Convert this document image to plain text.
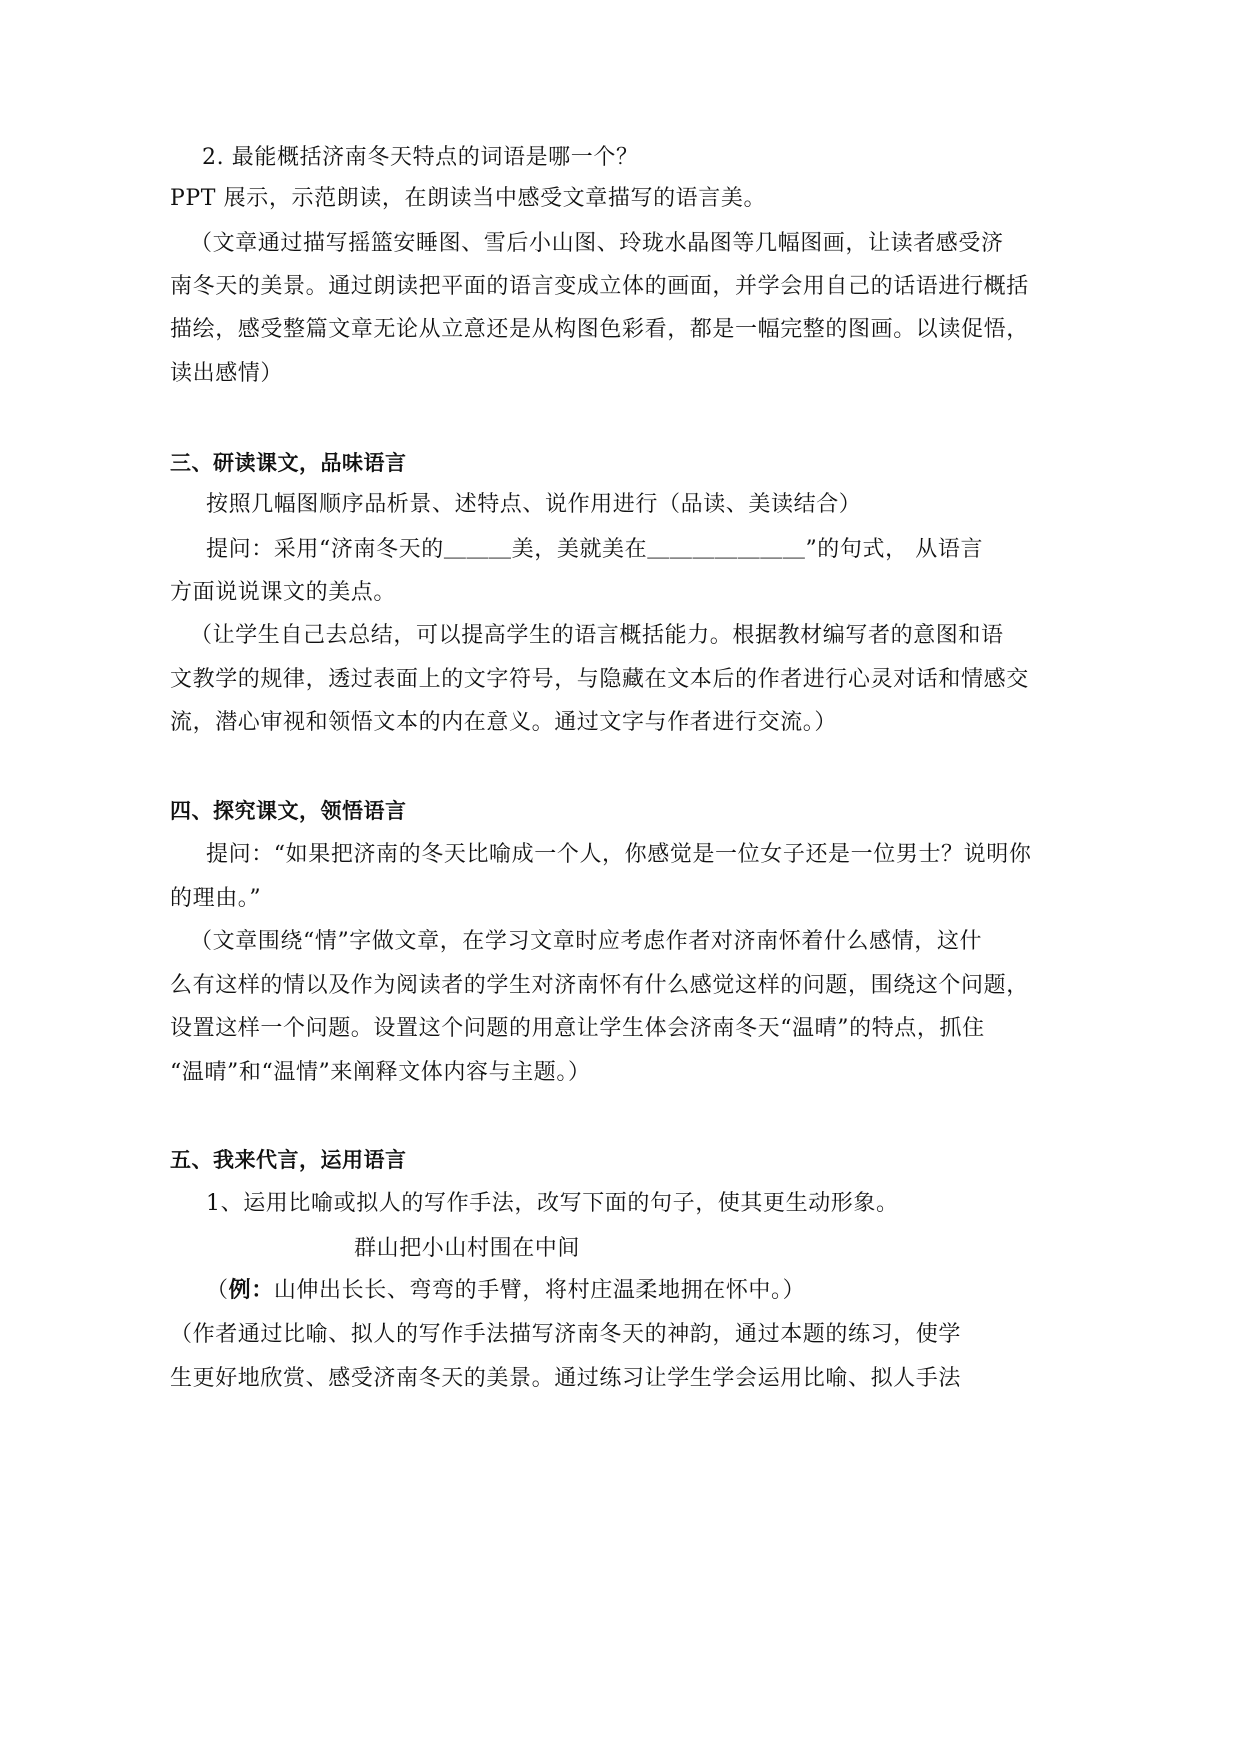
2. 最能概括济南冬天特点的词语是哪一个？
PPT 展示，示范朗读，在朗读当中感受文章描写的语言美。
（文章通过描写摇篮安睡图、雪后小山图、玲珑水晶图等几幅图画，让读者感受济
南冬天的美景。通过朗读把平面的语言变成立体的画面，并学会用自己的话语进行概括
描绘，感受整篇文章无论从立意还是从构图色彩看，都是一幅完整的图画。以读促悟，
读出感情）
三、研读课文，品味语言
按照几幅图顺序品析景、述特点、说作用进行（品读、美读结合）
提问：采用“济南冬天的＿＿＿美，美就美在＿＿＿＿＿＿＿”的句式， 从语言
方面说说课文的美点。
（让学生自己去总结，可以提高学生的语言概括能力。根据教材编写者的意图和语
文教学的规律，透过表面上的文字符号，与隐藏在文本后的作者进行心灵对话和情感交
流，潜心审视和领悟文本的内在意义。通过文字与作者进行交流。）
四、探究课文，领悟语言
提问：“如果把济南的冬天比喻成一个人，你感觉是一位女子还是一位男士？说明你
的理由。”
（文章围绕“情”字做文章，在学习文章时应考虑作者对济南怀着什么感情，这什
么有这样的情以及作为阅读者的学生对济南怀有什么感觉这样的问题，围绕这个问题，
设置这样一个问题。设置这个问题的用意让学生体会济南冬天“温晴”的特点，抓住
“温晴”和“温情”来阐释文体内容与主题。）
五、我来代言，运用语言
1、运用比喻或拟人的写作手法，改写下面的句子，使其更生动形象。
群山把小山村围在中间
（例：山伸出长长、弯弯的手臂，将村庄温柔地拥在怀中。）
（作者通过比喻、拟人的写作手法描写济南冬天的神韵，通过本题的练习，使学
生更好地欣赏、感受济南冬天的美景。通过练习让学生学会运用比喻、拟人手法
